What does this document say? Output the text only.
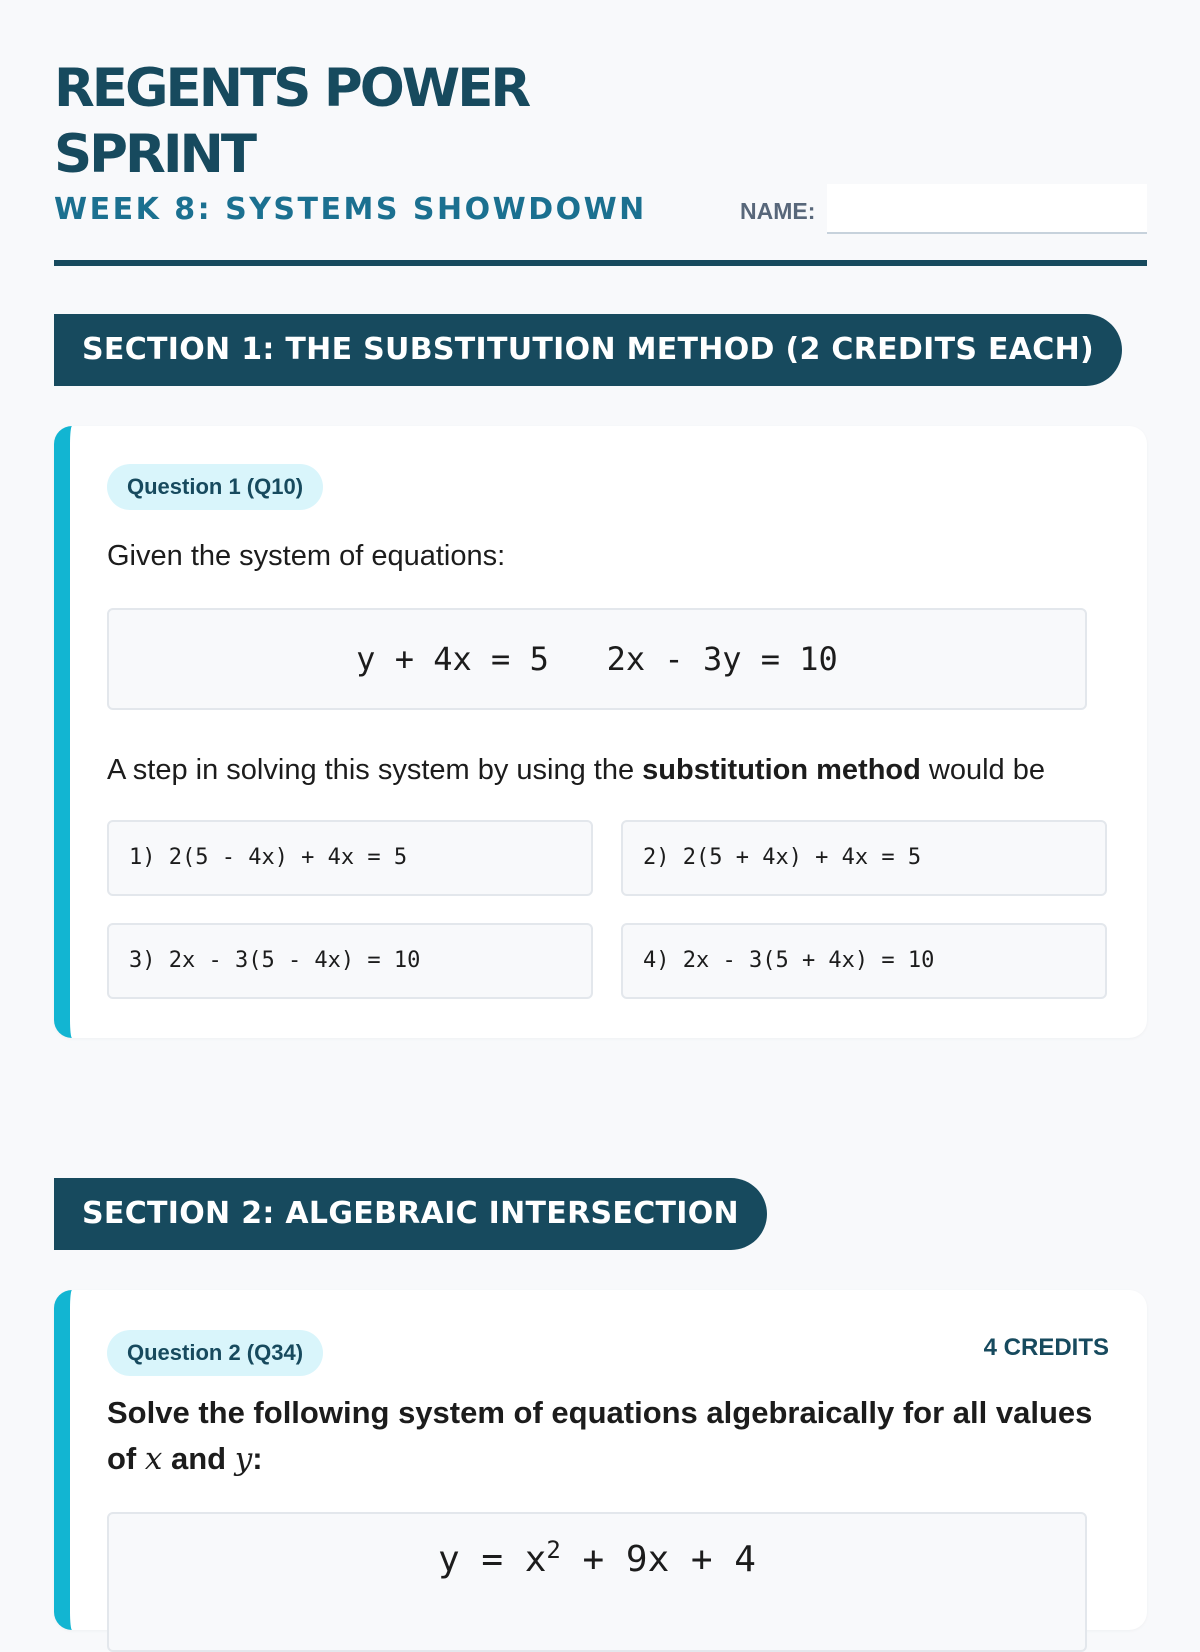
REGENTS POWER SPRINT
WEEK 8: SYSTEMS SHOWDOWN	NAME:
SECTION 1: THE SUBSTITUTION METHOD (2 CREDITS EACH)
Question 1 (Q10)
Given the system of equations:
y + 4x = 5   2x - 3y = 10
A step in solving this system by using the substitution method would be
1) 2(5 - 4x) + 4x = 5	2) 2(5 + 4x) + 4x = 5
3) 2x - 3(5 - 4x) = 10	4) 2x - 3(5 + 4x) = 10
SECTION 2: ALGEBRAIC INTERSECTION
Question 2 (Q34)	4 CREDITS
Solve the following system of equations algebraically for all values of x and y:
$y = x^2 + 9x + 4$
